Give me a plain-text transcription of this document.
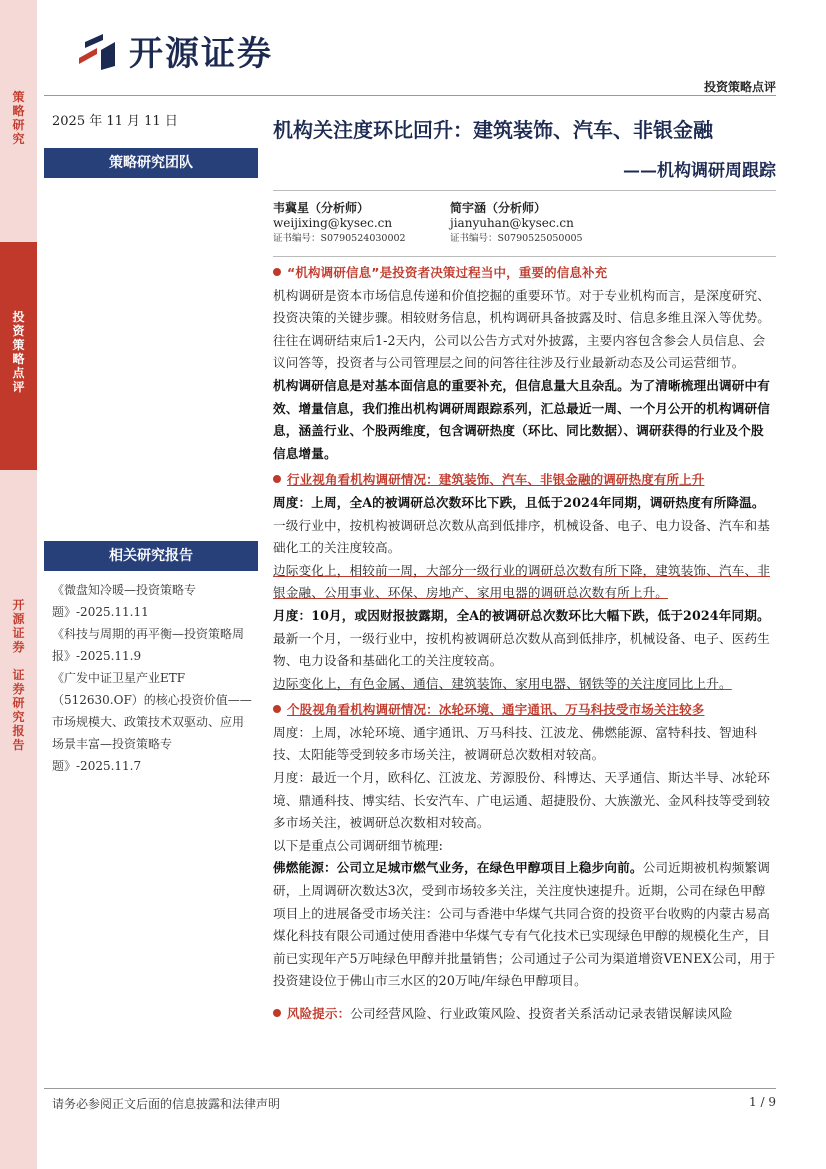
策
略
研
究
投
资
策
略
点
评
开
源
证
券

证
券
研
究
报
告
开源证券
投资策略点评
2025 年 11 月 11 日	机构关注度环比回升：建筑装饰、汽车、非银金融
——机构调研周跟踪
策略研究团队
韦冀星（分析师）
weijixing@kysec.cn
证书编号：S0790524030002
简宇涵（分析师）
jianyuhan@kysec.cn
证书编号：S0790525050005
相关研究报告
《微盘知冷暖—投资策略专题》-2025.11.11
《科技与周期的再平衡—投资策略周报》-2025.11.9
《广发中证卫星产业ETF（512630.OF）的核心投资价值——市场规模大、政策技术双驱动、应用场景丰富—投资策略专题》-2025.11.7

“机构调研信息”是投资者决策过程当中，重要的信息补充

机构调研是资本市场信息传递和价值挖掘的重要环节。对于专业机构而言，是深度研究、投资决策的关键步骤。相较财务信息，机构调研具备披露及时、信息多维且深入等优势。往往在调研结束后1-2天内，公司以公告方式对外披露，主要内容包含参会人员信息、会议问答等，投资者与公司管理层之间的问答往往涉及行业最新动态及公司运营细节。

机构调研信息是对基本面信息的重要补充，但信息量大且杂乱。为了清晰梳理出调研中有效、增量信息，我们推出机构调研周跟踪系列，汇总最近一周、一个月公开的机构调研信息，涵盖行业、个股两维度，包含调研热度（环比、同比数据）、调研获得的行业及个股信息增量。

行业视角看机构调研情况：建筑装饰、汽车、非银金融的调研热度有所上升

周度：上周，全A的被调研总次数环比下跌，且低于2024年同期，调研热度有所降温。一级行业中，按机构被调研总次数从高到低排序，机械设备、电子、电力设备、汽车和基础化工的关注度较高。

边际变化上，相较前一周，大部分一级行业的调研总次数有所下降，建筑装饰、汽车、非银金融、公用事业、环保、房地产、家用电器的调研总次数有所上升。

月度：10月，或因财报披露期，全A的被调研总次数环比大幅下跌，低于2024年同期。最新一个月，一级行业中，按机构被调研总次数从高到低排序，机械设备、电子、医药生物、电力设备和基础化工的关注度较高。

边际变化上，有色金属、通信、建筑装饰、家用电器、钢铁等的关注度同比上升。

个股视角看机构调研情况：冰轮环境、通宇通讯、万马科技受市场关注较多

周度：上周，冰轮环境、通宇通讯、万马科技、江波龙、佛燃能源、富特科技、智迪科技、太阳能等受到较多市场关注，被调研总次数相对较高。

月度：最近一个月，欧科亿、江波龙、芳源股份、科博达、天孚通信、斯达半导、冰轮环境、鼎通科技、博实结、长安汽车、广电运通、超捷股份、大族激光、金风科技等受到较多市场关注，被调研总次数相对较高。

以下是重点公司调研细节梳理:

佛燃能源：公司立足城市燃气业务，在绿色甲醇项目上稳步向前。公司近期被机构频繁调研，上周调研次数达3次，受到市场较多关注，关注度快速提升。近期，公司在绿色甲醇项目上的进展备受市场关注：公司与香港中华煤气共同合资的投资平台收购的内蒙古易高煤化科技有限公司通过使用香港中华煤气专有气化技术已实现绿色甲醇的规模化生产，目前已实现年产5万吨绿色甲醇并批量销售；公司通过子公司为渠道增资VENEX公司，用于投资建设位于佛山市三水区的20万吨/年绿色甲醇项目。

风险提示：公司经营风险、行业政策风险、投资者关系活动记录表错误解读风险

请务必参阅正文后面的信息披露和法律声明	1 / 9
